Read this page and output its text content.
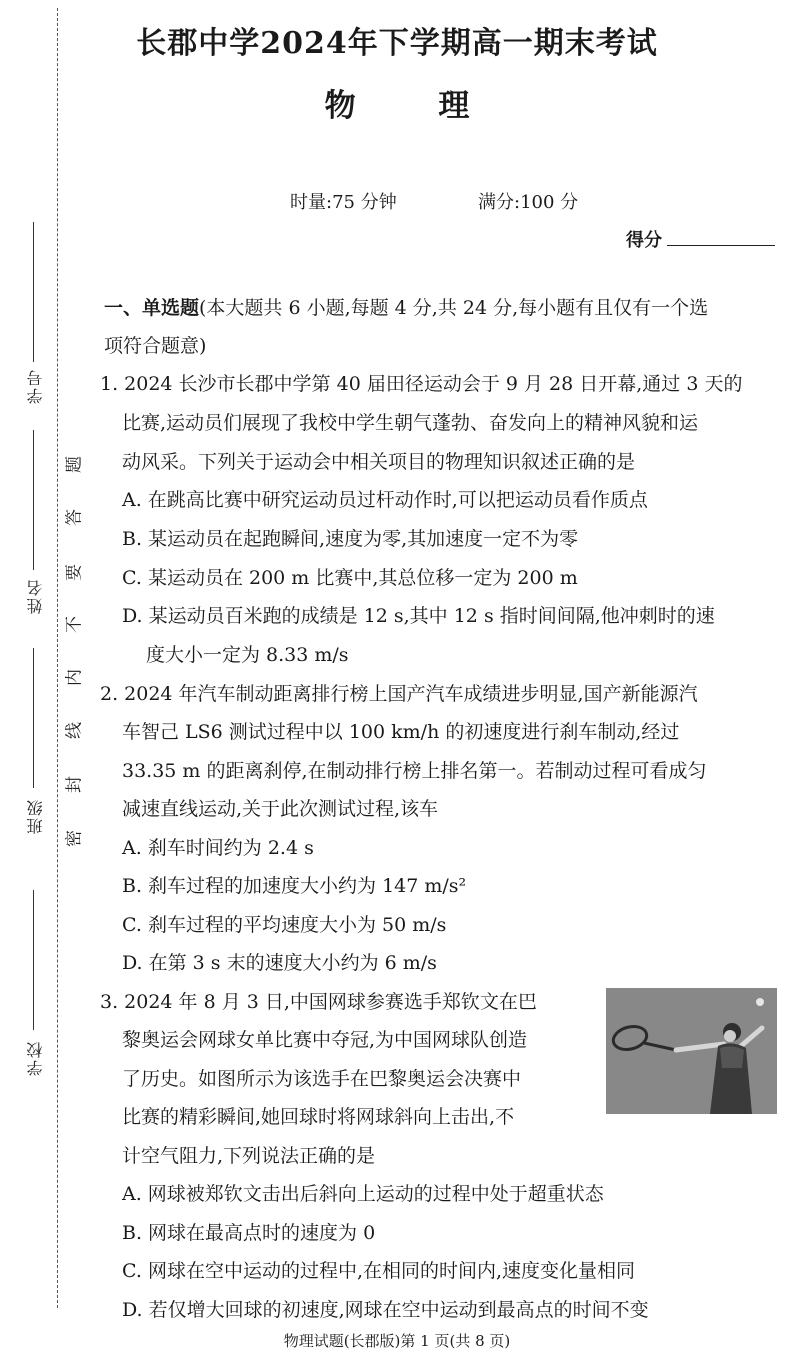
学号
姓名
班级
学校
题
答
要
不
内
线
封
密
长郡中学2024年下学期高一期末考试
物 理
时量:75 分钟	满分:100 分
得分
一、单选题(本大题共 6 小题,每题 4 分,共 24 分,每小题有且仅有一个选
项符合题意)
1. 2024 长沙市长郡中学第 40 届田径运动会于 9 月 28 日开幕,通过 3 天的
比赛,运动员们展现了我校中学生朝气蓬勃、奋发向上的精神风貌和运
动风采。下列关于运动会中相关项目的物理知识叙述正确的是
A. 在跳高比赛中研究运动员过杆动作时,可以把运动员看作质点
B. 某运动员在起跑瞬间,速度为零,其加速度一定不为零
C. 某运动员在 200 m 比赛中,其总位移一定为 200 m
D. 某运动员百米跑的成绩是 12 s,其中 12 s 指时间间隔,他冲刺时的速
度大小一定为 8.33 m/s
2. 2024 年汽车制动距离排行榜上国产汽车成绩进步明显,国产新能源汽
车智己 LS6 测试过程中以 100 km/h 的初速度进行刹车制动,经过
33.35 m 的距离刹停,在制动排行榜上排名第一。若制动过程可看成匀
减速直线运动,关于此次测试过程,该车
A. 刹车时间约为 2.4 s
B. 刹车过程的加速度大小约为 147 m/s²
C. 刹车过程的平均速度大小为 50 m/s
D. 在第 3 s 末的速度大小约为 6 m/s
3. 2024 年 8 月 3 日,中国网球参赛选手郑钦文在巴
黎奥运会网球女单比赛中夺冠,为中国网球队创造
了历史。如图所示为该选手在巴黎奥运会决赛中
比赛的精彩瞬间,她回球时将网球斜向上击出,不
计空气阻力,下列说法正确的是
A. 网球被郑钦文击出后斜向上运动的过程中处于超重状态
B. 网球在最高点时的速度为 0
C. 网球在空中运动的过程中,在相同的时间内,速度变化量相同
D. 若仅增大回球的初速度,网球在空中运动到最高点的时间不变
物理试题(长郡版)第 1 页(共 8 页)
